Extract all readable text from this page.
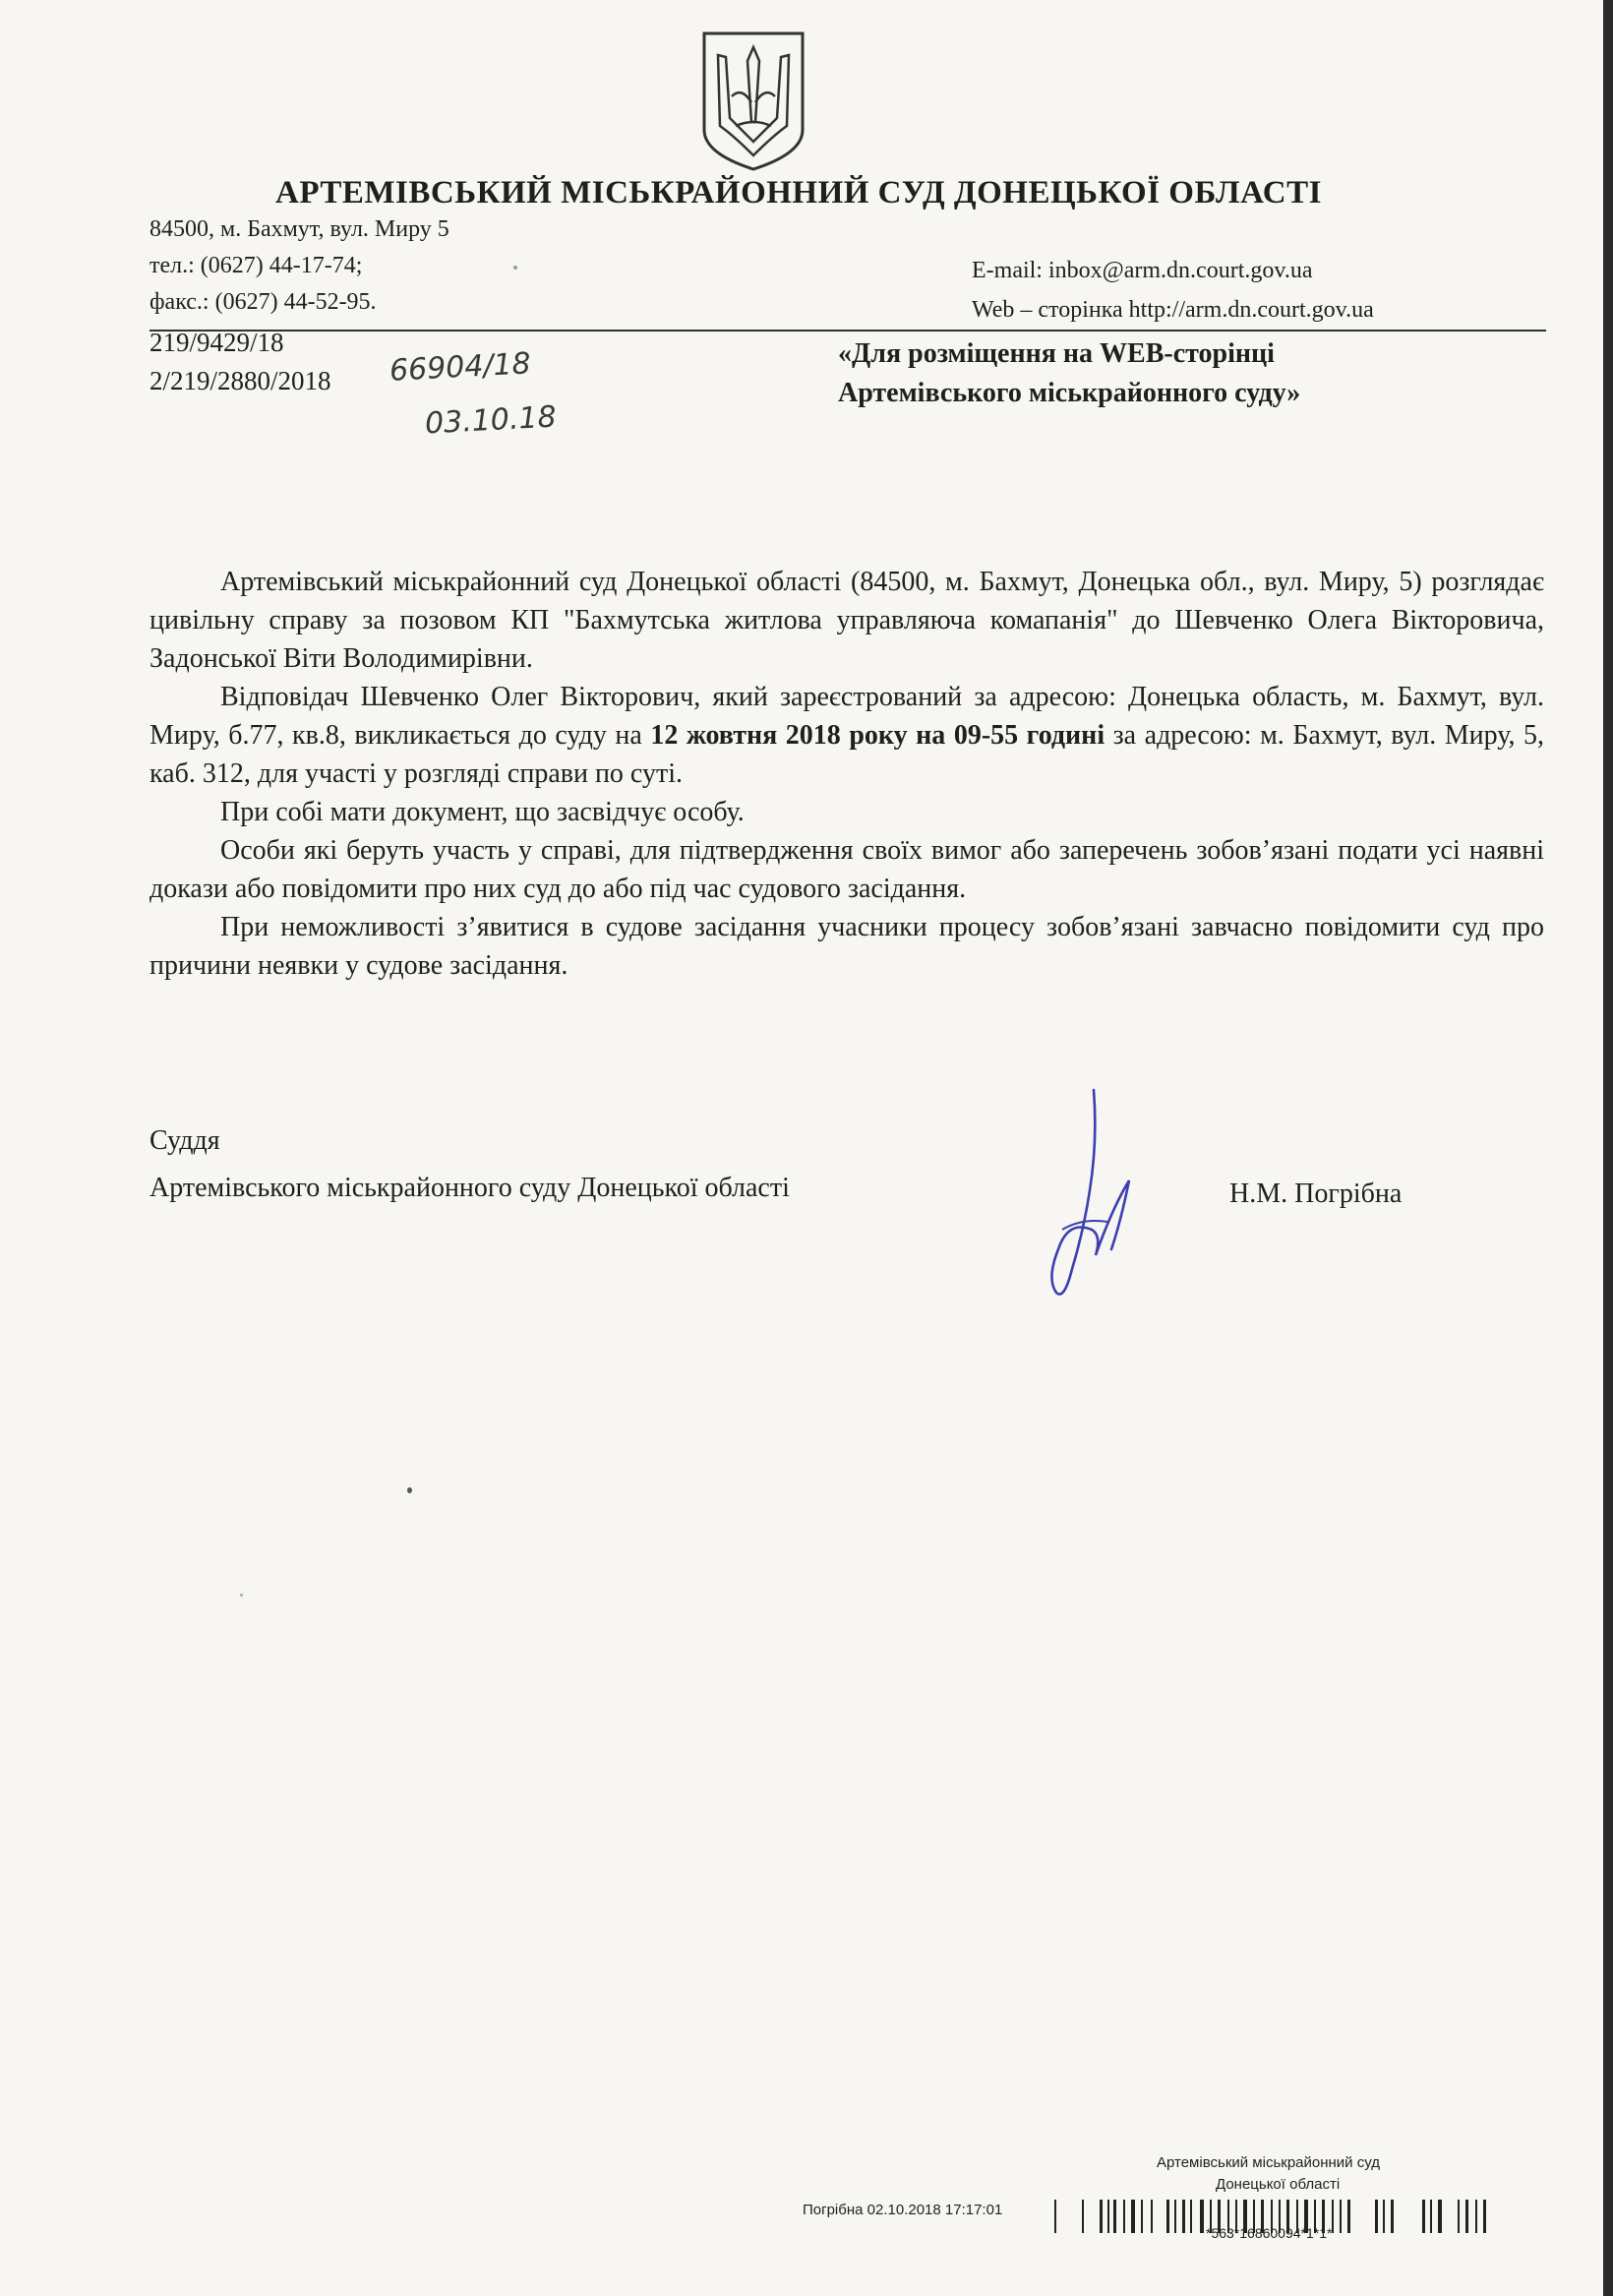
АРТЕМІВСЬКИЙ МІСЬКРАЙОННИЙ СУД ДОНЕЦЬКОЇ ОБЛАСТІ
84500, м. Бахмут, вул. Миру 5
тел.: (0627) 44-17-74;
факс.: (0627) 44-52-95.
E-mail: inbox@arm.dn.court.gov.ua
Web – сторінка http://arm.dn.court.gov.ua
219/9429/18
2/219/2880/2018 66904/18
03.10.18
«Для розміщення на WEB-сторінці
Артемівського міськрайонного суду»

Артемівський міськрайонний суд Донецької області (84500, м. Бахмут, Донецька обл., вул. Миру, 5) розглядає цивільну справу за позовом КП "Бахмутська житлова управляюча комапанія" до Шевченко Олега Вікторовича, Задонської Віти Володимирівни.

Відповідач Шевченко Олег Вікторович, який зареєстрований за адресою: Донецька область, м. Бахмут, вул. Миру, б.77, кв.8, викликається до суду на 12 жовтня 2018 року на 09-55 годині за адресою: м. Бахмут, вул. Миру, 5, каб. 312, для участі у розгляді справи по суті.

При собі мати документ, що засвідчує особу.

Особи які беруть участь у справі, для підтвердження своїх вимог або заперечень зобов’язані подати усі наявні докази або повідомити про них суд до або під час судового засідання.

При неможливості з’явитися в судове засідання учасники процесу зобов’язані завчасно повідомити суд про причини неявки у судове засідання.

Суддя
Артемівського міськрайонного суду Донецької області	Н.М. Погрібна
Артемівський міськрайонний суд
Донецької області
Погрібна 02.10.2018 17:17:01
*563*16860094*1*1*
